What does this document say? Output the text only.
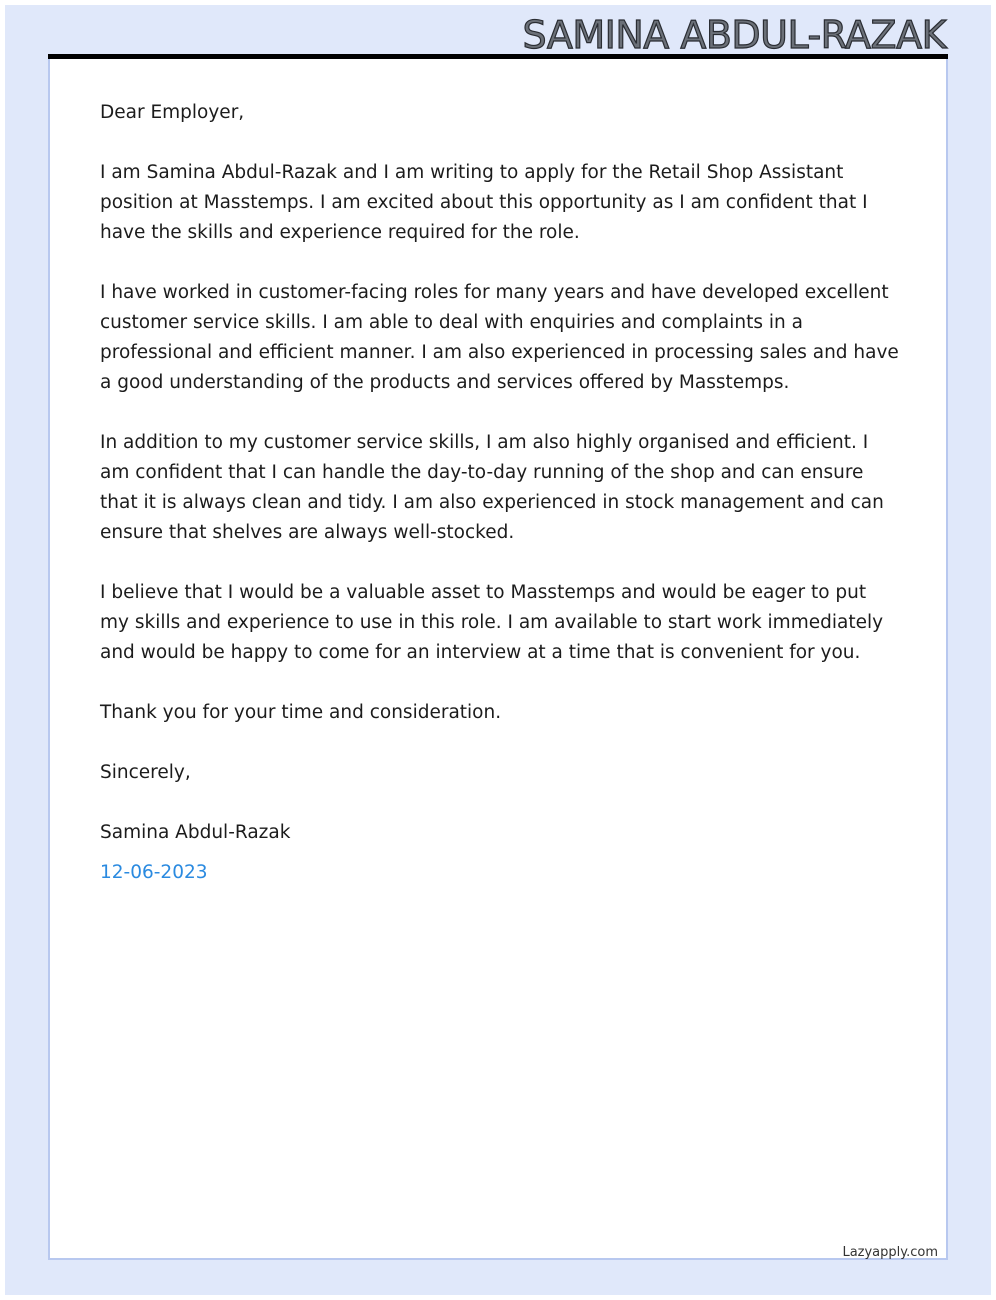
SAMINA ABDUL-RAZAK

Dear Employer,

I am Samina Abdul-Razak and I am writing to apply for the Retail Shop Assistant position at Masstemps. I am excited about this opportunity as I am confident that I have the skills and experience required for the role.

I have worked in customer-facing roles for many years and have developed excellent customer service skills. I am able to deal with enquiries and complaints in a professional and efficient manner. I am also experienced in processing sales and have a good understanding of the products and services offered by Masstemps.

In addition to my customer service skills, I am also highly organised and efficient. I am confident that I can handle the day-to-day running of the shop and can ensure that it is always clean and tidy. I am also experienced in stock management and can ensure that shelves are always well-stocked.

I believe that I would be a valuable asset to Masstemps and would be eager to put my skills and experience to use in this role. I am available to start work immediately and would be happy to come for an interview at a time that is convenient for you.

Thank you for your time and consideration.

Sincerely,

Samina Abdul-Razak

12-06-2023

Lazyapply.com
